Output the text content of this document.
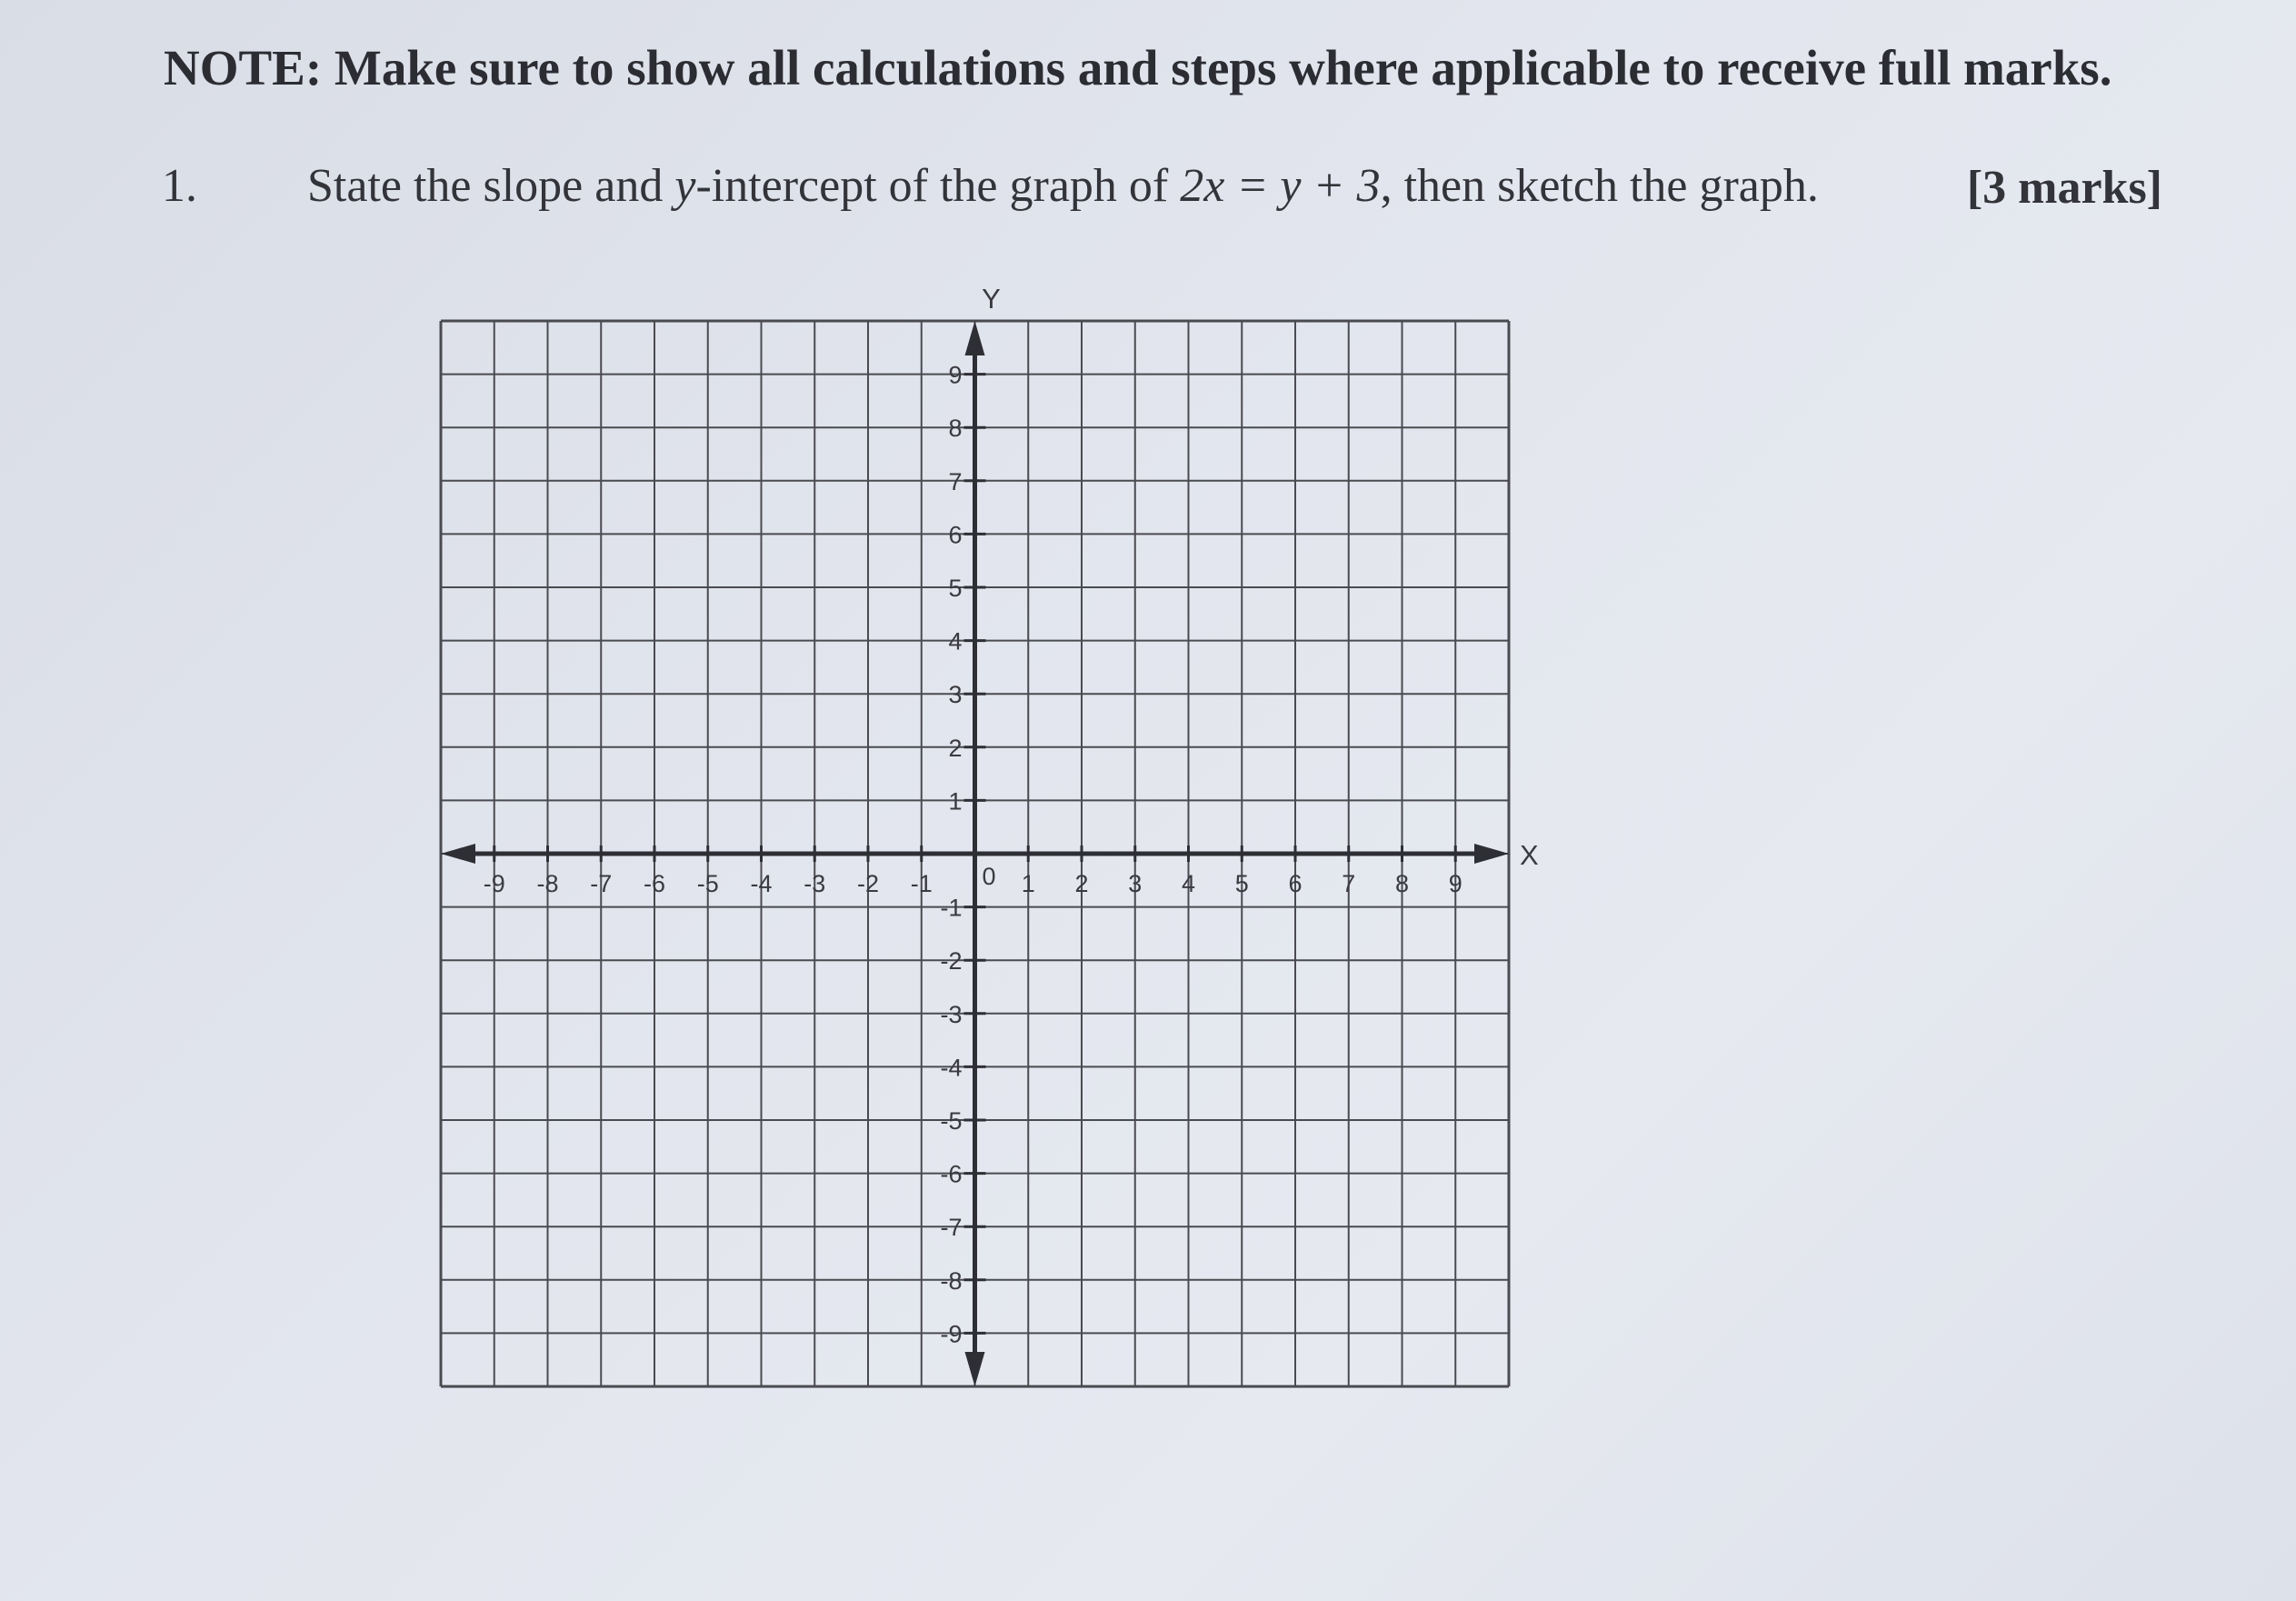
NOTE: Make sure to show all calculations and steps where applicable to receive full marks.
1. State the slope and y-intercept of the graph of 2x = y + 3, then sketch the graph.	[3 marks]
-9 -8 -7 -6 -5 -4 -3 -2 -1	1 2 3 4 5 6 7 8 9
9
8
7
6
5
4
3
2
1
-1
-2
-3
-4
-5
-6
-7
-8
-9
0
X
Y
